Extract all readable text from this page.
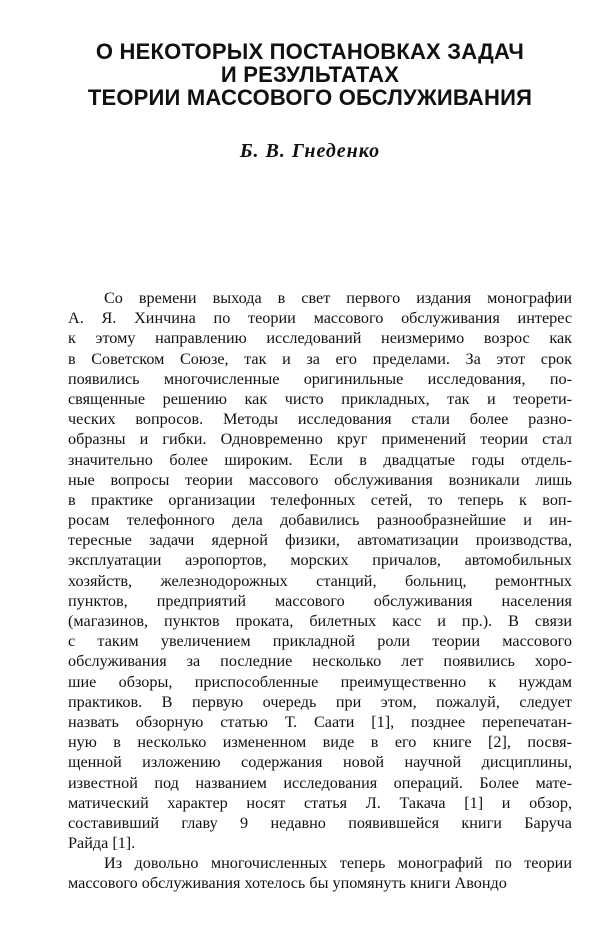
О НЕКОТОРЫХ ПОСТАНОВКАХ ЗАДАЧ
И РЕЗУЛЬТАТАХ
ТЕОРИИ МАССОВОГО ОБСЛУЖИВАНИЯ
Б. В. Гнеденко
Со времени выхода в свет первого издания монографии
А. Я. Хинчина по теории массового обслуживания интерес
к этому направлению исследований неизмеримо возрос как
в Советском Союзе, так и за его пределами. За этот срок
появились многочисленные оригинильные исследования, по-
священные решению как чисто прикладных, так и теорети-
ческих вопросов. Методы исследования стали более разно-
образны и гибки. Одновременно круг применений теории стал
значительно более широким. Если в двадцатые годы отдель-
ные вопросы теории массового обслуживания возникали лишь
в практике организации телефонных сетей, то теперь к воп-
росам телефонного дела добавились разнообразнейшие и ин-
тересные задачи ядерной физики, автоматизации производства,
эксплуатации аэропортов, морских причалов, автомобильных
хозяйств, железнодорожных станций, больниц, ремонтных
пунктов, предприятий массового обслуживания населения
(магазинов, пунктов проката, билетных касс и пр.). В связи
с таким увеличением прикладной роли теории массового
обслуживания за последние несколько лет появились хоро-
шие обзоры, приспособленные преимущественно к нуждам
практиков. В первую очередь при этом, пожалуй, следует
назвать обзорную статью Т. Саати [1], позднее перепечатан-
ную в несколько измененном виде в его книге [2], посвя-
щенной изложению содержания новой научной дисциплины,
известной под названием исследования операций. Более мате-
матический характер носят статья Л. Такача [1] и обзор,
составивший главу 9 недавно появившейся книги Баруча
Райда [1].
Из довольно многочисленных теперь монографий по теории
массового обслуживания хотелось бы упомянуть книги Авондо
